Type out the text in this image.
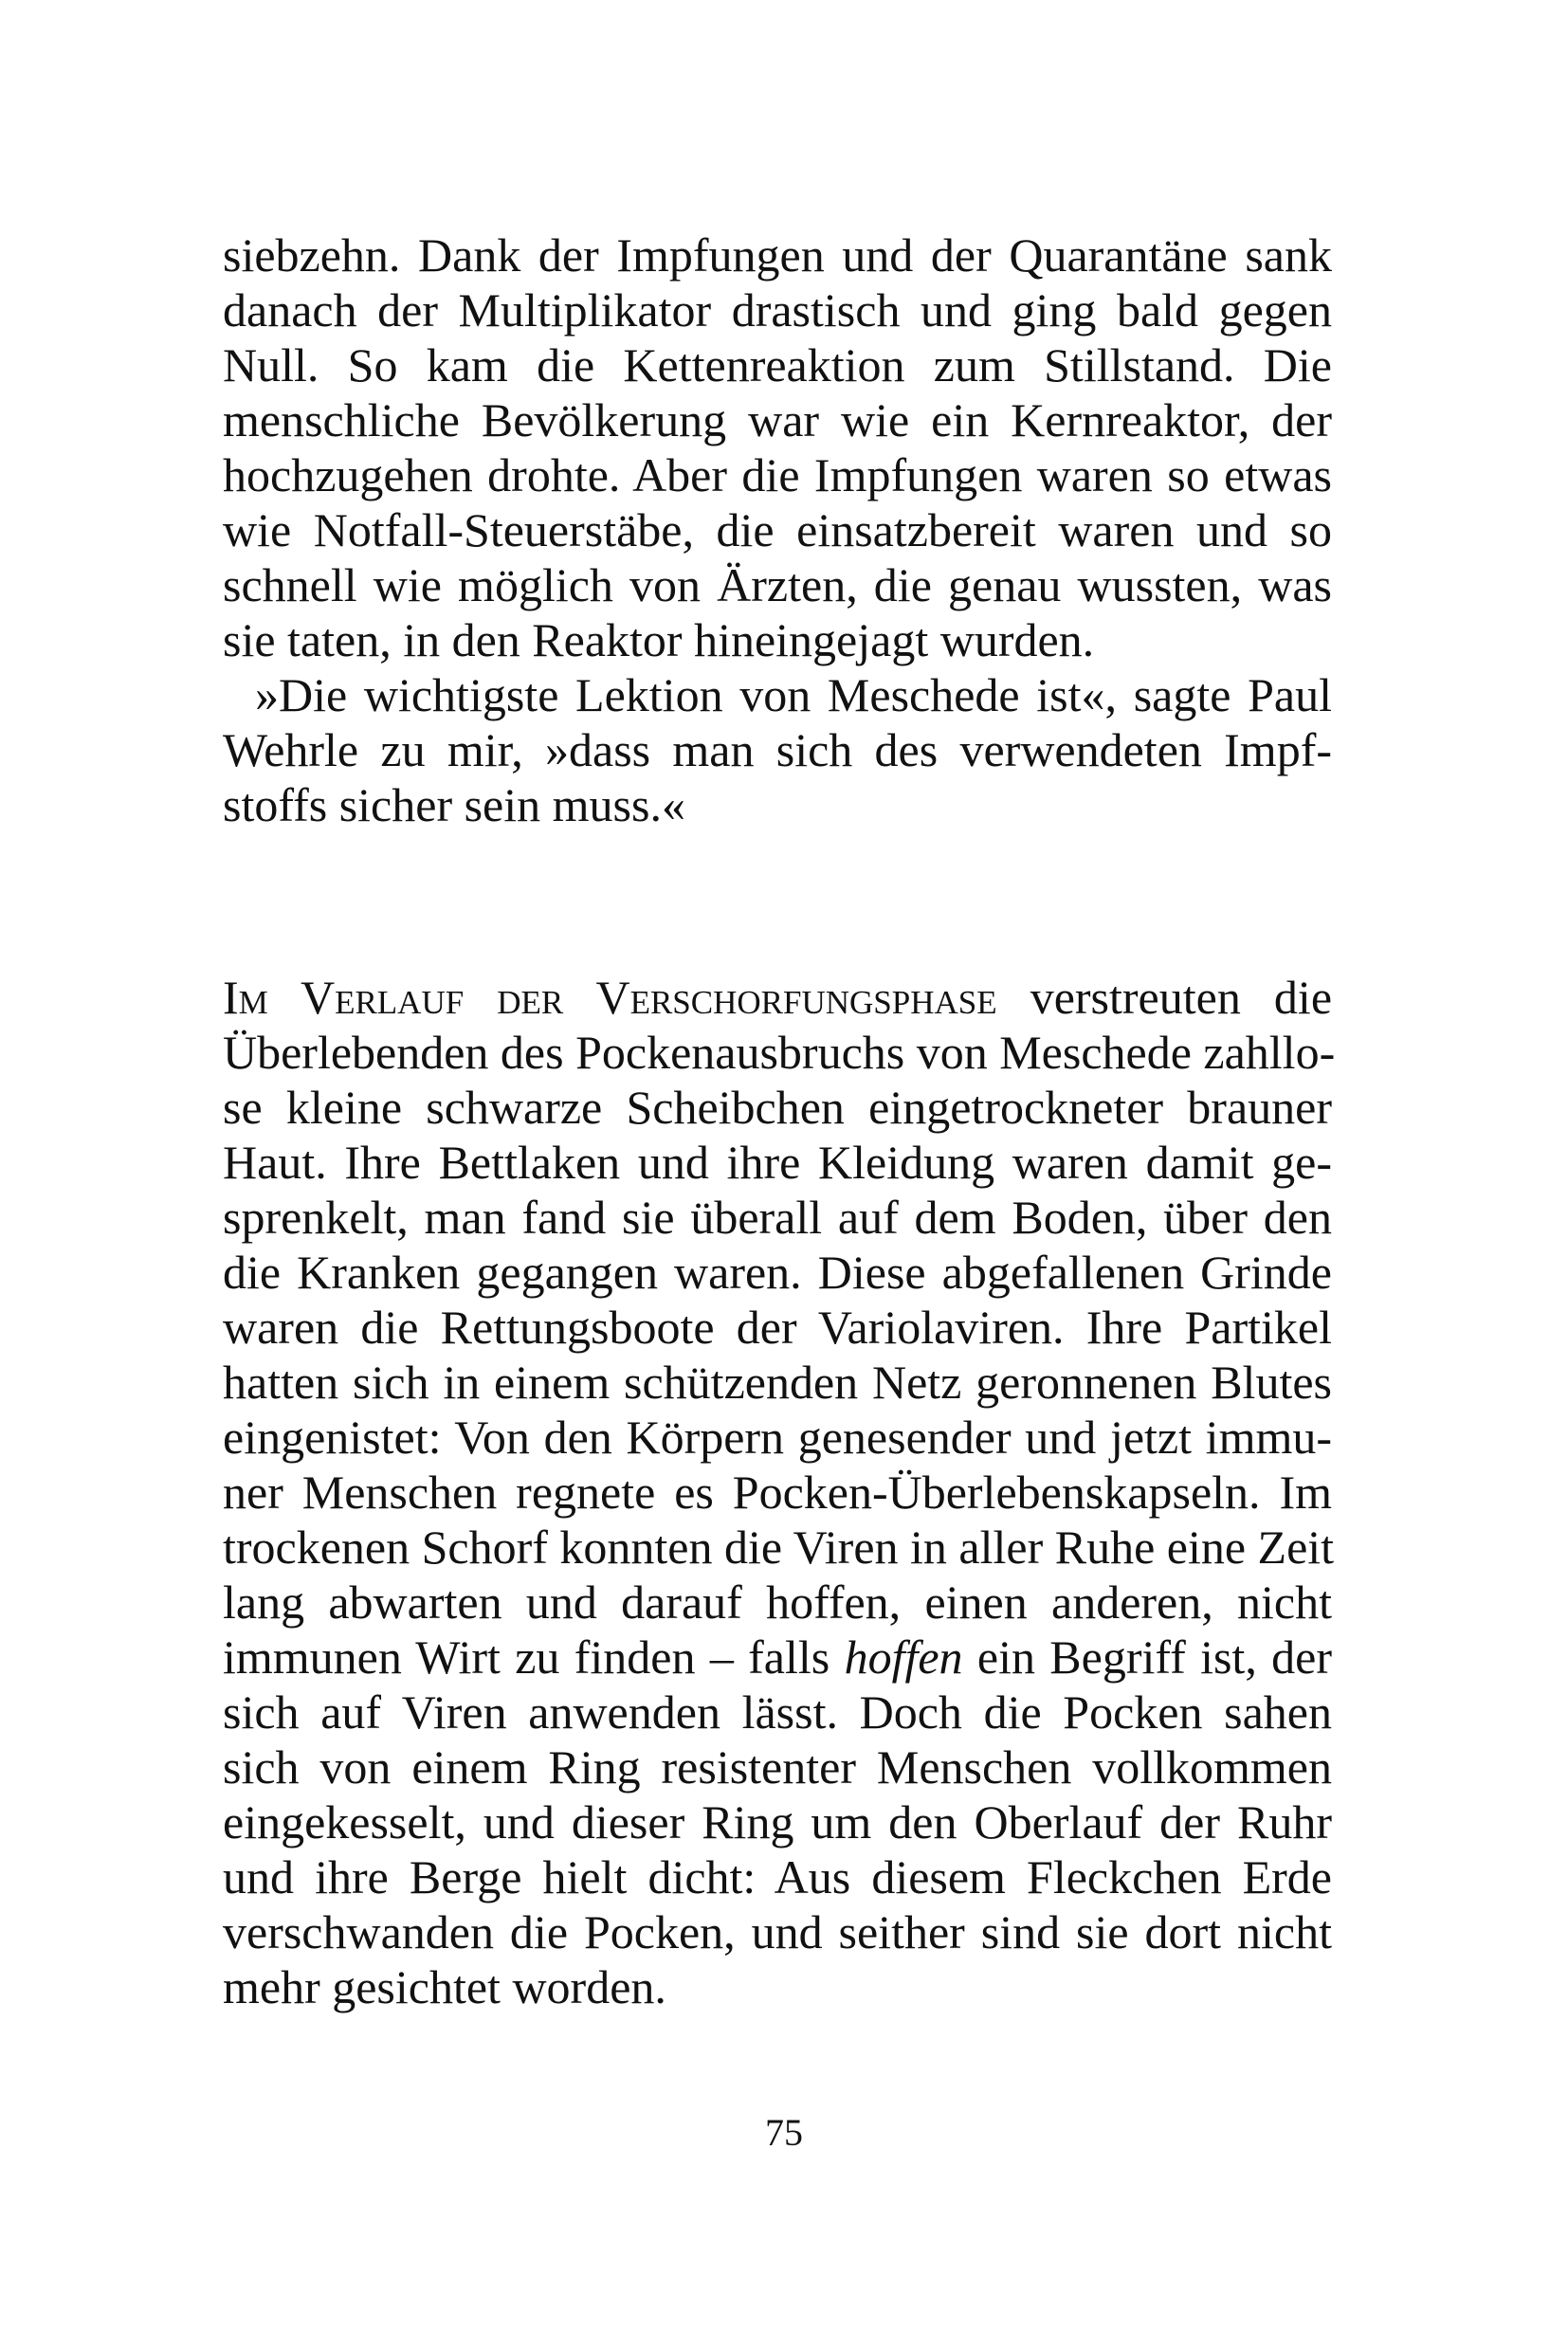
siebzehn. Dank der Impfungen und der Quarantäne sank
danach der Multiplikator drastisch und ging bald gegen
Null. So kam die Kettenreaktion zum Stillstand. Die
menschliche Bevölkerung war wie ein Kernreaktor, der
hochzugehen drohte. Aber die Impfungen waren so etwas
wie Notfall-Steuerstäbe, die einsatzbereit waren und so
schnell wie möglich von Ärzten, die genau wussten, was
sie taten, in den Reaktor hineingejagt wurden.
»Die wichtigste Lektion von Meschede ist«, sagte Paul
Wehrle zu mir, »dass man sich des verwendeten Impf-
stoffs sicher sein muss.«
Im Verlauf der Verschorfungsphase verstreuten die
Überlebenden des Pockenausbruchs von Meschede zahllo-
se kleine schwarze Scheibchen eingetrockneter brauner
Haut. Ihre Bettlaken und ihre Kleidung waren damit ge-
sprenkelt, man fand sie überall auf dem Boden, über den
die Kranken gegangen waren. Diese abgefallenen Grinde
waren die Rettungsboote der Variolaviren. Ihre Partikel
hatten sich in einem schützenden Netz geronnenen Blutes
eingenistet: Von den Körpern genesender und jetzt immu-
ner Menschen regnete es Pocken-Überlebenskapseln. Im
trockenen Schorf konnten die Viren in aller Ruhe eine Zeit
lang abwarten und darauf hoffen, einen anderen, nicht
immunen Wirt zu finden – falls hoffen ein Begriff ist, der
sich auf Viren anwenden lässt. Doch die Pocken sahen
sich von einem Ring resistenter Menschen vollkommen
eingekesselt, und dieser Ring um den Oberlauf der Ruhr
und ihre Berge hielt dicht: Aus diesem Fleckchen Erde
verschwanden die Pocken, und seither sind sie dort nicht
mehr gesichtet worden.
75
